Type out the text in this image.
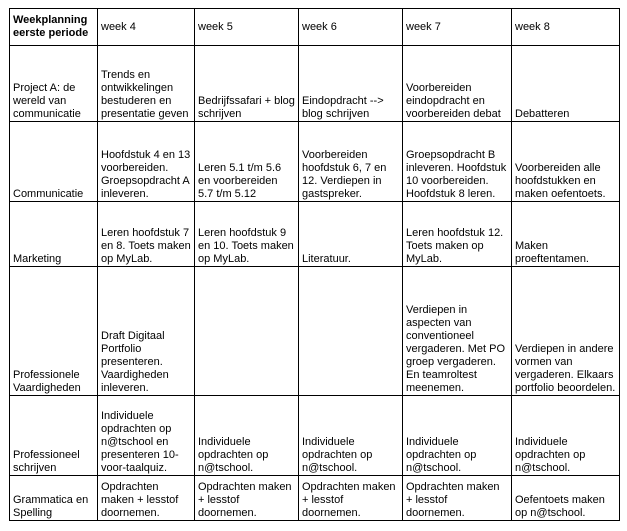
Weekplanning
eerste periode	week 4	week 5	week 6	week 7	week 8
Project A: de wereld van communicatie	Trends en ontwikkelingen bestuderen en presentatie geven	Bedrijfssafari + blog schrijven	Eindopdracht --> blog schrijven	Voorbereiden eindopdracht en voorbereiden debat	Debatteren
Communicatie	Hoofdstuk 4 en 13 voorbereiden. Groepsopdracht A inleveren.	Leren 5.1 t/m 5.6 en voorbereiden 5.7 t/m 5.12	Voorbereiden hoofdstuk 6, 7 en 12. Verdiepen in gastspreker.	Groepsopdracht B inleveren. Hoofdstuk 10 voorbereiden. Hoofdstuk 8 leren.	Voorbereiden alle hoofdstukken en maken oefentoets.
Marketing	Leren hoofdstuk 7 en 8. Toets maken op MyLab.	Leren hoofdstuk 9 en 10. Toets maken op MyLab.	Literatuur.	Leren hoofdstuk 12. Toets maken op MyLab.	Maken proeftentamen.
Professionele Vaardigheden	Draft Digitaal Portfolio presenteren. Vaardigheden inleveren.			Verdiepen in aspecten van conventioneel vergaderen. Met PO groep vergaderen. En teamroltest meenemen.	Verdiepen in andere vormen van vergaderen. Elkaars portfolio beoordelen.
Professioneel schrijven	Individuele opdrachten op n@tschool en presenteren 10-voor-taalquiz.	Individuele opdrachten op n@tschool.	Individuele opdrachten op n@tschool.	Individuele opdrachten op n@tschool.	Individuele opdrachten op n@tschool.
Grammatica en Spelling	Opdrachten maken + lesstof doornemen.	Opdrachten maken + lesstof doornemen.	Opdrachten maken + lesstof doornemen.	Opdrachten maken + lesstof doornemen.	Oefentoets maken op n@tschool.
